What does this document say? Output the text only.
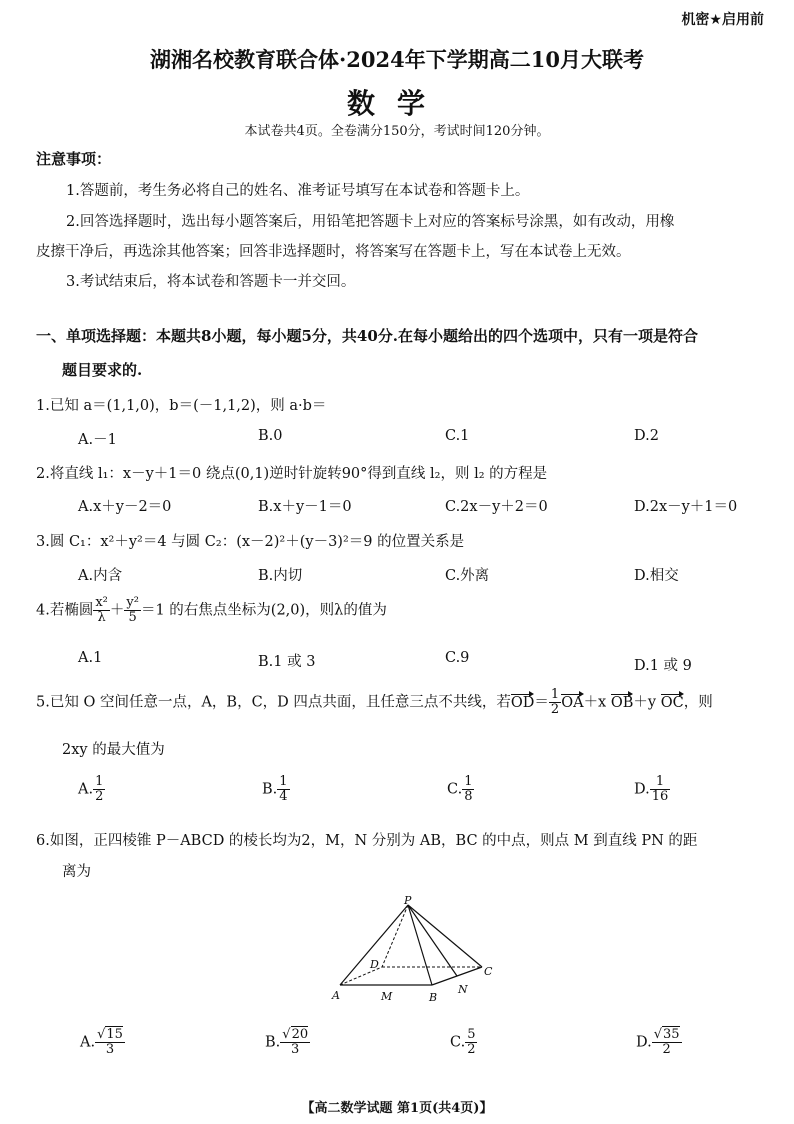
机密★启用前
湖湘名校教育联合体·2024年下学期高二10月大联考
数学
本试卷共4页。全卷满分150分，考试时间120分钟。
注意事项：
1.答题前，考生务必将自己的姓名、准考证号填写在本试卷和答题卡上。
2.回答选择题时，选出每小题答案后，用铅笔把答题卡上对应的答案标号涂黑，如有改动，用橡
皮擦干净后，再选涂其他答案；回答非选择题时，将答案写在答题卡上，写在本试卷上无效。
3.考试结束后，将本试卷和答题卡一并交回。
一、单项选择题：本题共8小题，每小题5分，共40分.在每小题给出的四个选项中，只有一项是符合
题目要求的.
1.已知 a＝(1,1,0)，b＝(－1,1,2)，则 a·b＝
A.－1	B.0	C.1	D.2
2.将直线 l₁：x－y＋1＝0 绕点(0,1)逆时针旋转90°得到直线 l₂，则 l₂ 的方程是
A.x＋y－2＝0	B.x＋y－1＝0	C.2x－y＋2＝0	D.2x－y＋1＝0
3.圆 C₁：x²＋y²＝4 与圆 C₂：(x－2)²＋(y－3)²＝9 的位置关系是
A.内含	B.内切	C.外离	D.相交
4.若椭圆 $\frac{\text{x²}}{\lambda} + \frac{\text{y²}}{5} =1$ 的右焦点坐标为(2,0)，则λ的值为
A.1	B.1 或 3	C.9	D.1 或 9
5.已知 O 空间任意一点，A，B，C，D 四点共面，且任意三点不共线，若$OD= \frac{1}{2} OA+x$ OB＋y OC，则
2xy 的最大值为
A. $\frac{1}{2}$	B. $\frac{1}{4}$	C. $\frac{1}{8}$	D. $\frac{1}{16}$
6.如图，正四棱锥 P－ABCD 的棱长均为2，M，N 分别为 AB，BC 的中点，则点 M 到直线 PN 的距
离为
P
A	M	B
N
C
D
A. $\frac{√15}{3}$	B. $\frac{√20}{3}$	C. $\frac{5}{2}$	D. $\frac{√35}{2}$
【高二数学试题 第1页(共4页)】
